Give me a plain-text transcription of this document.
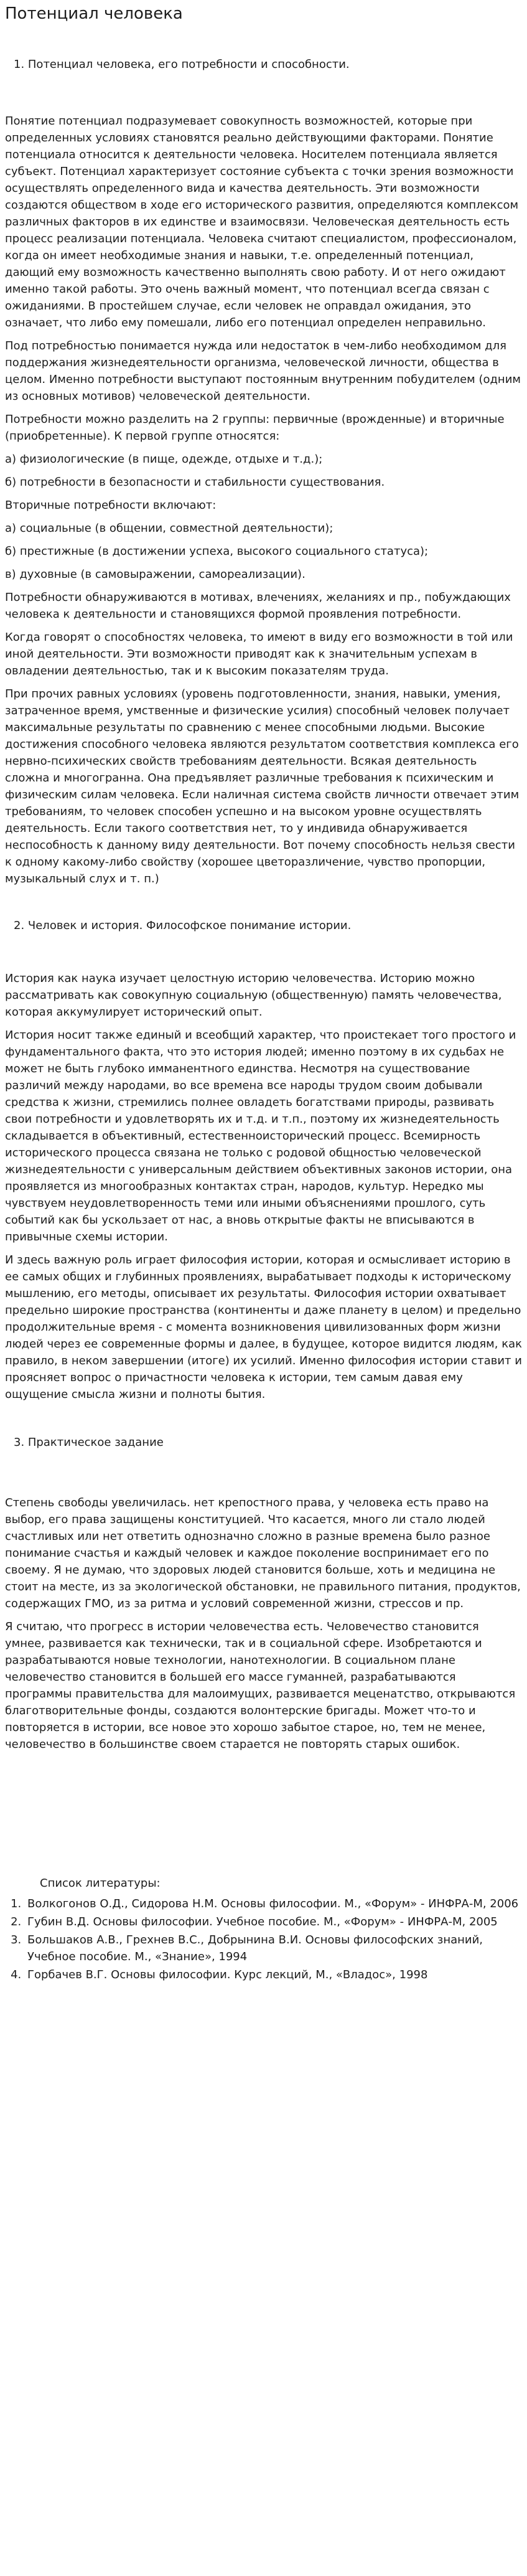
Потенциал человека
1. Потенциал человека, его потребности и способности.

Понятие потенциал подразумевает совокупность возможностей, которые при определенных условиях становятся реально действующими факторами. Понятие потенциала относится к деятельности человека. Носителем потенциала является субъект. Потенциал характеризует состояние субъекта с точки зрения возможности осуществлять определенного вида и качества деятельность. Эти возможности создаются обществом в ходе его исторического развития, определяются комплексом различных факторов в их единстве и взаимосвязи. Человеческая деятельность есть процесс реализации потенциала. Человека считают специалистом, профессионалом, когда он имеет необходимые знания и навыки, т.е. определенный потенциал, дающий ему возможность качественно выполнять свою работу. И от него ожидают именно такой работы. Это очень важный момент, что потенциал всегда связан с ожиданиями. В простейшем случае, если человек не оправдал ожидания, это означает, что либо ему помешали, либо его потенциал определен неправильно.

Под потребностью понимается нужда или недостаток в чем-либо необходимом для поддержания жизнедеятельности организма, человеческой личности, общества в целом. Именно потребности выступают постоянным внутренним побудителем (одним из основных мотивов) человеческой деятельности.

Потребности можно разделить на 2 группы: первичные (врожденные) и вторичные (приобретенные). К первой группе относятся:

а) физиологические (в пище, одежде, отдыхе и т.д.);

б) потребности в безопасности и стабильности существования.

Вторичные потребности включают:

а) социальные (в общении, совместной деятельности);

б) престижные (в достижении успеха, высокого социального статуса);

в) духовные (в самовыражении, самореализации).

Потребности обнаруживаются в мотивах, влечениях, желаниях и пр., побуждающих человека к деятельности и становящихся формой проявления потребности.

Когда говорят о способностях человека, то имеют в виду его возможности в той или иной деятельности. Эти возможности приводят как к значительным успехам в овладении деятельностью, так и к высоким показателям труда.

При прочих равных условиях (уровень подготовленности, знания, навыки, умения, затраченное время, умственные и физические усилия) способный человек получает максимальные результаты по сравнению с менее способными людьми. Высокие достижения способного человека являются результатом соответствия комплекса его нервно-психических свойств требованиям деятельности. Всякая деятельность сложна и многогранна. Она предъявляет различные требования к психическим и физическим силам человека. Если наличная система свойств личности отвечает этим требованиям, то человек способен успешно и на высоком уровне осуществлять деятельность. Если такого соответствия нет, то у индивида обнаруживается неспособность к данному виду деятельности. Вот почему способность нельзя свести к одному какому-либо свойству (хорошее цветоразличение, чувство пропорции, музыкальный слух и т. п.)

2. Человек и история. Философское понимание истории.

История как наука изучает целостную историю человечества. Историю можно рассматривать как совокупную социальную (общественную) память человечества, которая аккумулирует исторический опыт.

История носит также единый и всеобщий характер, что проистекает того простого и фундаментального факта, что это история людей; именно поэтому в их судьбах не может не быть глубоко имманентного единства. Несмотря на существование различий между народами, во все времена все народы трудом своим добывали средства к жизни, стремились полнее овладеть богатствами природы, развивать свои потребности и удовлетворять их и т.д. и т.п., поэтому их жизнедеятельность складывается в объективный, естественноисторический процесс. Всемирность исторического процесса связана не только с родовой общностью человеческой жизнедеятельности с универсальным действием объективных законов истории, она проявляется из многообразных контактах стран, народов, культур. Нередко мы чувствуем неудовлетворенность теми или иными объяснениями прошлого, суть

событий как бы ускользает от нас, а вновь открытые факты не вписываются в привычные схемы истории.

И здесь важную роль играет философия истории, которая и осмысливает историю в ее самых общих и глубинных проявлениях, вырабатывает подходы к историческому мышлению, его методы, описывает их результаты. Философия истории охватывает предельно широкие пространства (континенты и даже планету в целом) и предельно продолжительные время - с момента возникновения цивилизованных форм жизни людей через ее современные формы и далее, в будущее, которое видится людям, как правило, в неком завершении (итоге) их усилий. Именно философия истории ставит и проясняет вопрос о причастности человека к истории, тем самым давая ему ощущение смысла жизни и полноты бытия.

3. Практическое задание

Степень свободы увеличилась. нет крепостного права, у человека есть право на выбор, его права защищены конституцией. Что касается, много ли стало людей счастливых или нет ответить однозначно сложно в разные времена было разное понимание счастья и каждый человек и каждое поколение воспринимает его по своему. Я не думаю, что здоровых людей становится больше, хоть и медицина не стоит на месте, из за экологической обстановки, не правильного питания, продуктов, содержащих ГМО, из за ритма и условий современной жизни, стрессов и пр.

Я считаю, что прогресс в истории человечества есть. Человечество становится умнее, развивается как технически, так и в социальной сфере. Изобретаются и разрабатываются новые технологии, нанотехнологии. В социальном плане человечество становится в большей его массе гуманней, разрабатываются программы правительства для малоимущих, развивается меценатство, открываются благотворительные фонды, создаются волонтерские бригады. Может что-то и повторяется в истории, все новое это хорошо забытое старое, но, тем не менее, человечество в большинстве своем старается не повторять старых ошибок.

Список литературы:
1. Волкогонов О.Д., Сидорова Н.М. Основы философии. М., «Форум» - ИНФРА-М, 2006
2. Губин В.Д. Основы философии. Учебное пособие. М., «Форум» - ИНФРА-М, 2005
3. Большаков А.В., Грехнев В.С., Добрынина В.И. Основы философских знаний, Учебное пособие. М., «Знание», 1994
4. Горбачев В.Г. Основы философии. Курс лекций, М., «Владос», 1998
